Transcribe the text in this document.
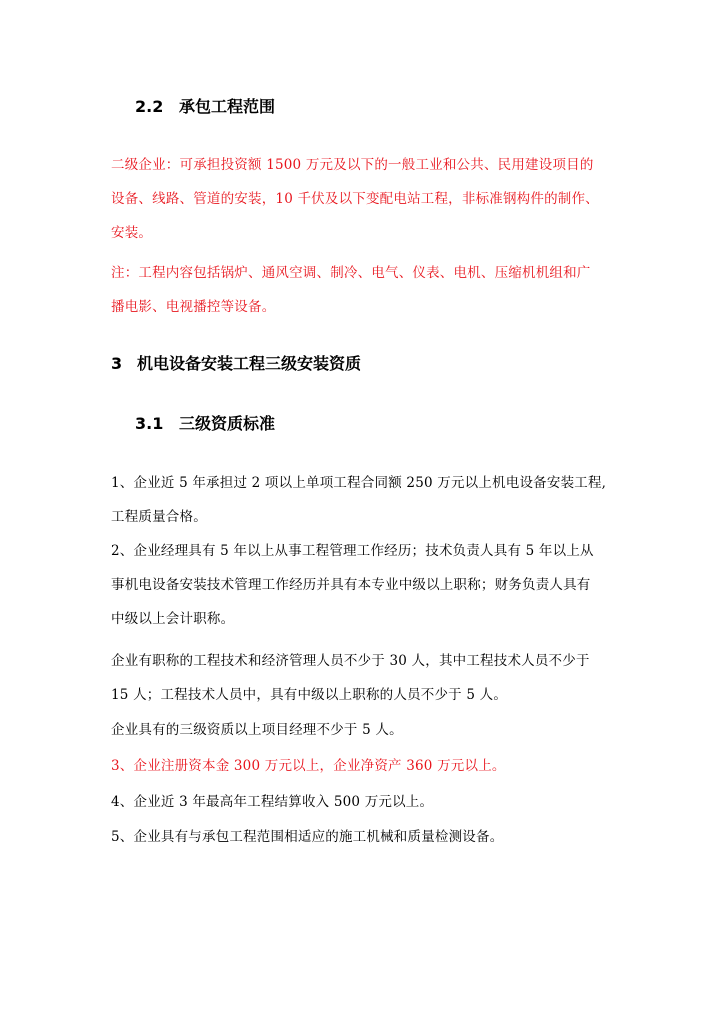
2.2 承包工程范围
二级企业：可承担投资额 1500 万元及以下的一般工业和公共、民用建设项目的
设备、线路、管道的安装，10 千伏及以下变配电站工程，非标准钢构件的制作、
安装。
注：工程内容包括锅炉、通风空调、制冷、电气、仪表、电机、压缩机机组和广
播电影、电视播控等设备。
3 机电设备安装工程三级安装资质
3.1 三级资质标准
1、企业近 5 年承担过 2 项以上单项工程合同额 250 万元以上机电设备安装工程,
工程质量合格。
2、企业经理具有 5 年以上从事工程管理工作经历；技术负责人具有 5 年以上从
事机电设备安装技术管理工作经历并具有本专业中级以上职称；财务负责人具有
中级以上会计职称。
企业有职称的工程技术和经济管理人员不少于 30 人，其中工程技术人员不少于
15 人；工程技术人员中，具有中级以上职称的人员不少于 5 人。
企业具有的三级资质以上项目经理不少于 5 人。
3、企业注册资本金 300 万元以上，企业净资产 360 万元以上。
4、企业近 3 年最高年工程结算收入 500 万元以上。
5、企业具有与承包工程范围相适应的施工机械和质量检测设备。
